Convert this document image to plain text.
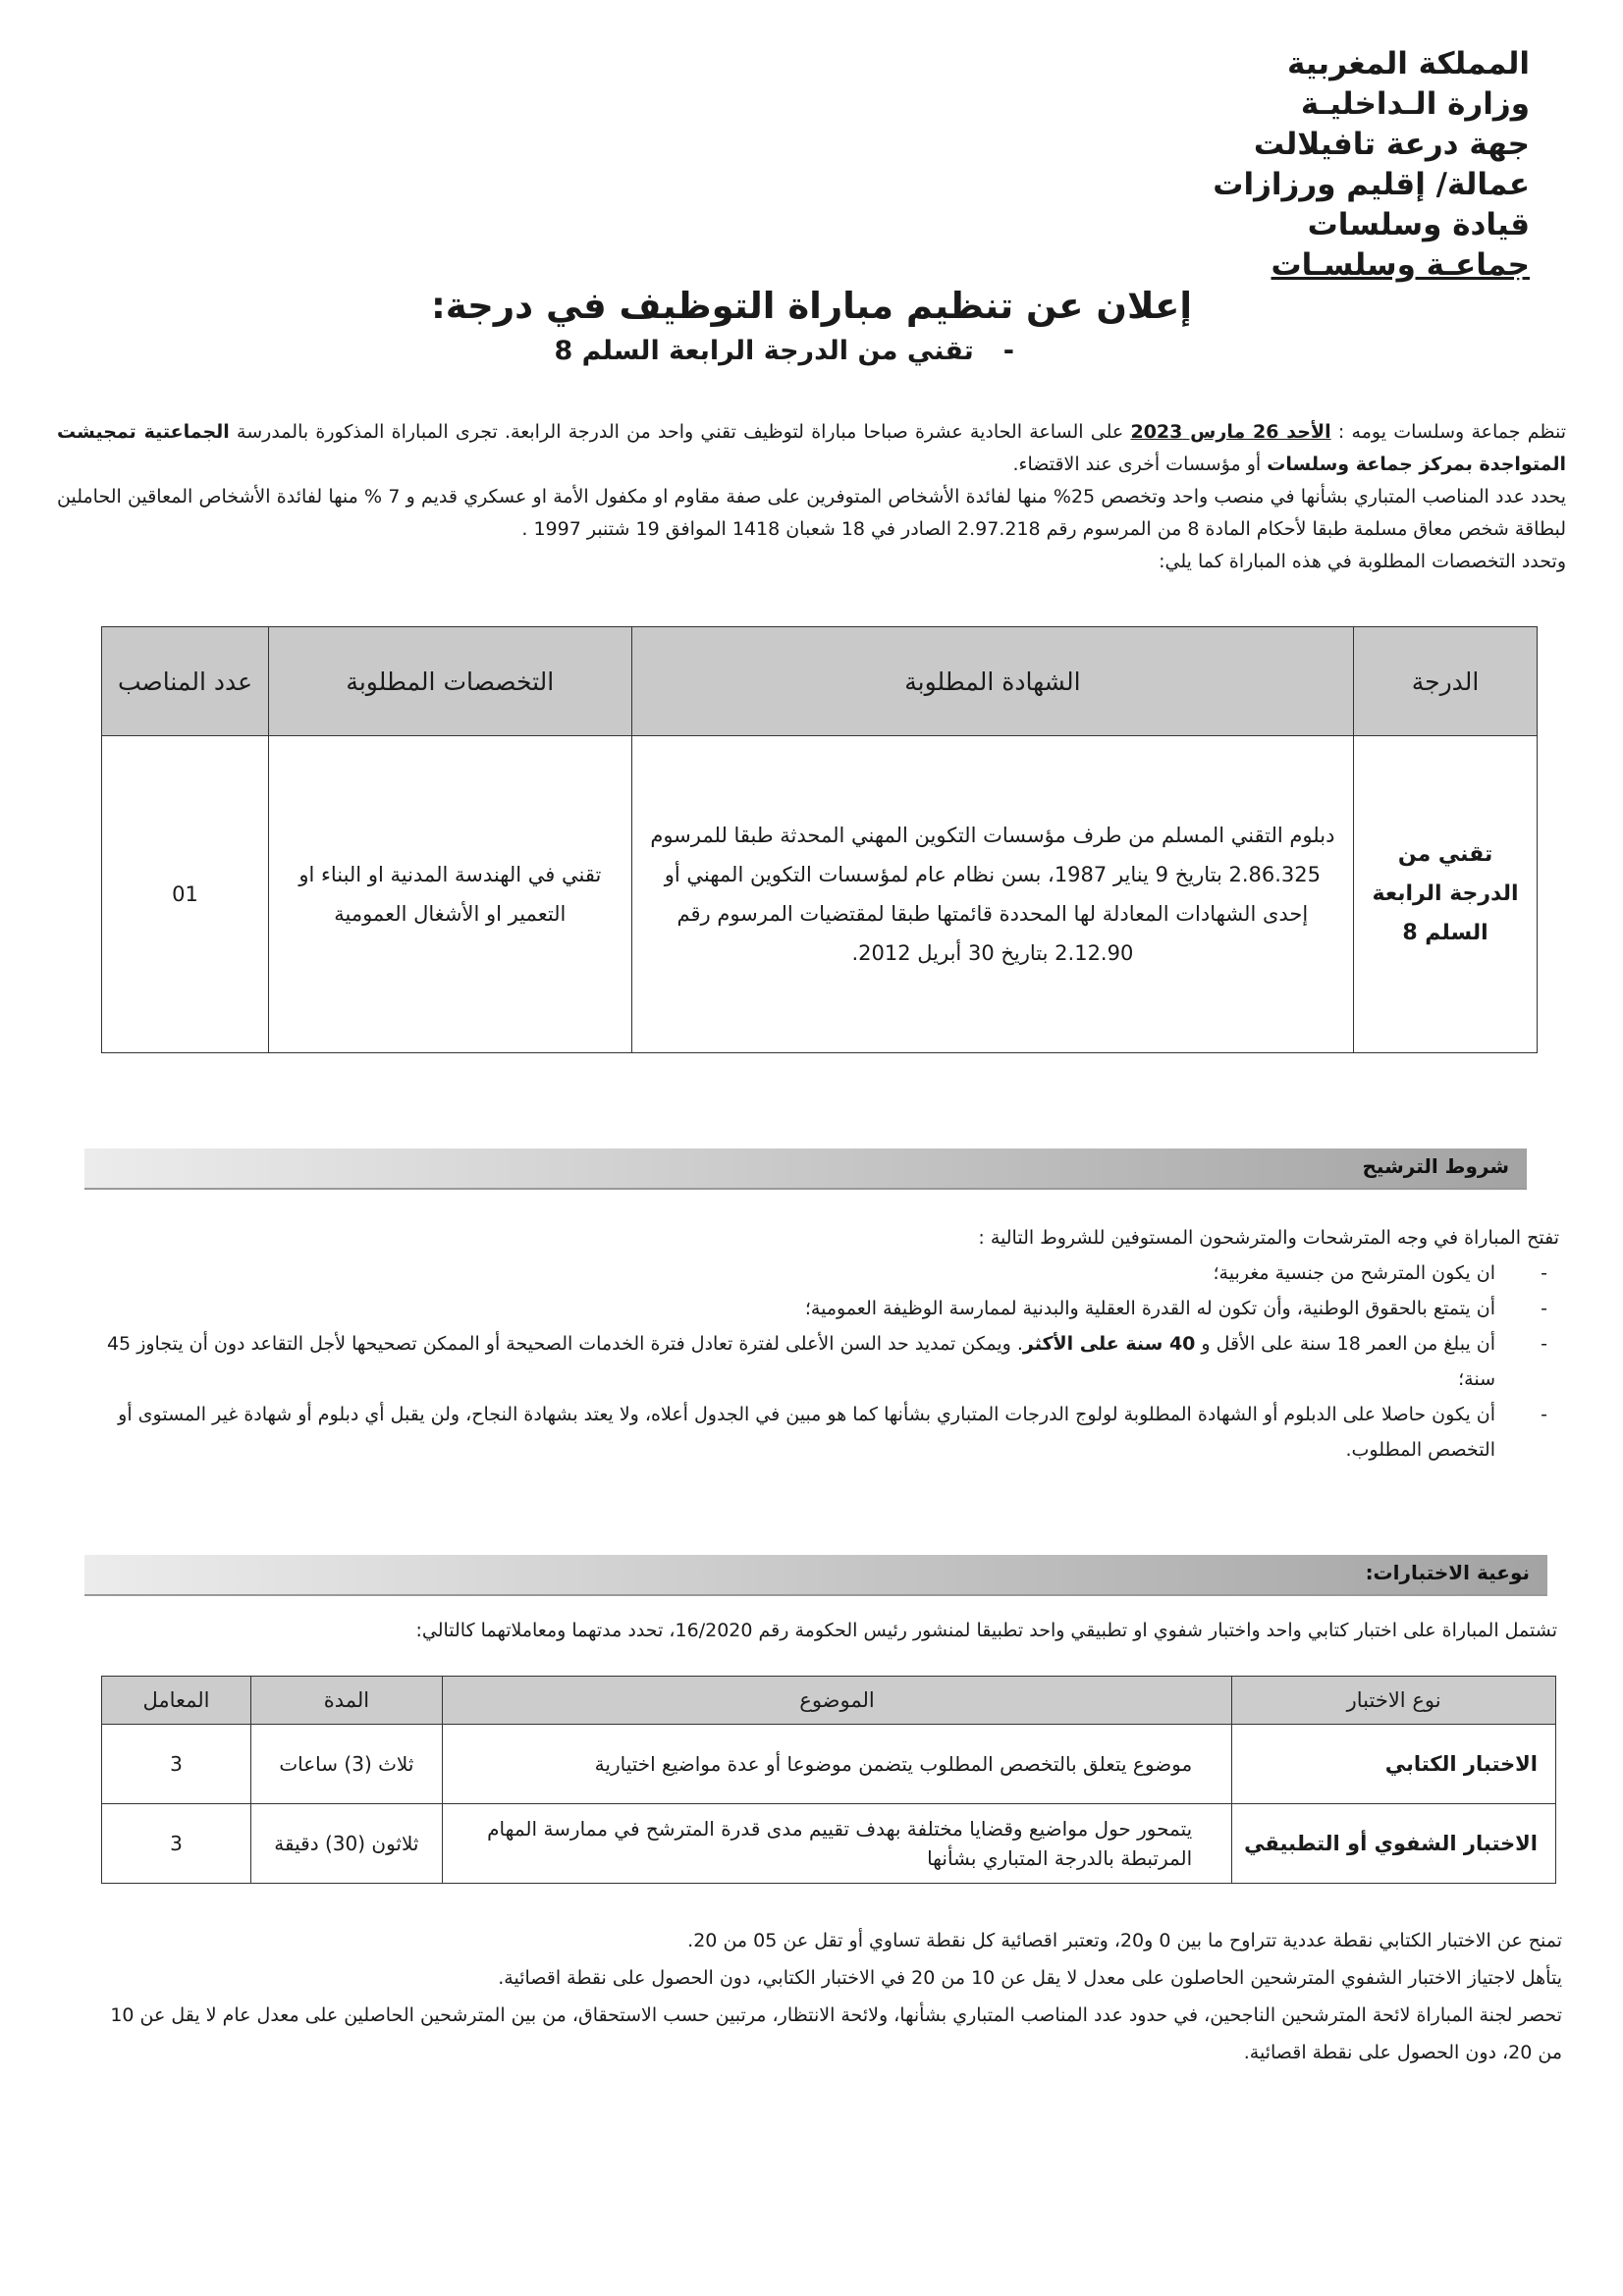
المملكة المغربية
وزارة الـداخليـة
جهة درعة تافيلالت
عمالة/ إقليم ورزازات
قيادة وسلسات
جماعـة وسلسـات
إعلان عن تنظيم مباراة التوظيف في درجة:
-تقني من الدرجة الرابعة السلم 8

تنظم جماعة وسلسات يومه : الأحد 26 مارس 2023 على الساعة الحادية عشرة صباحا مباراة لتوظيف تقني واحد من الدرجة الرابعة. تجرى المباراة المذكورة بالمدرسة الجماعتية تمجيشت المتواجدة بمركز جماعة وسلسات أو مؤسسات أخرى عند الاقتضاء.

يحدد عدد المناصب المتباري بشأنها في منصب واحد وتخصص 25% منها لفائدة الأشخاص المتوفرين على صفة مقاوم او مكفول الأمة او عسكري قديم و 7 % منها لفائدة الأشخاص المعاقين الحاملين لبطاقة شخص معاق مسلمة طبقا لأحكام المادة 8 من المرسوم رقم 2.97.218 الصادر في 18 شعبان 1418 الموافق 19 شتنبر 1997 .

وتحدد التخصصات المطلوبة في هذه المباراة كما يلي:

الدرجة	الشهادة المطلوبة	التخصصات المطلوبة	عدد المناصب
تقني من الدرجة الرابعة السلم 8	دبلوم التقني المسلم من طرف مؤسسات التكوين المهني المحدثة طبقا للمرسوم 2.86.325 بتاريخ 9 يناير 1987، بسن نظام عام لمؤسسات التكوين المهني أو إحدى الشهادات المعادلة لها المحددة قائمتها طبقا لمقتضيات المرسوم رقم 2.12.90 بتاريخ 30 أبريل 2012.	تقني في الهندسة المدنية او البناء او التعمير او الأشغال العمومية	01
شروط الترشيح

تفتح المباراة في وجه المترشحات والمترشحون المستوفين للشروط التالية :

-
ان يكون المترشح من جنسية مغربية؛
-
أن يتمتع بالحقوق الوطنية، وأن تكون له القدرة العقلية والبدنية لممارسة الوظيفة العمومية؛
-
أن يبلغ من العمر 18 سنة على الأقل و 40 سنة على الأكثر. ويمكن تمديد حد السن الأعلى لفترة تعادل فترة الخدمات الصحيحة أو الممكن تصحيحها لأجل التقاعد دون أن يتجاوز 45 سنة؛
-
أن يكون حاصلا على الدبلوم أو الشهادة المطلوبة لولوج الدرجات المتباري بشأنها كما هو مبين في الجدول أعلاه، ولا يعتد بشهادة النجاح، ولن يقبل أي دبلوم أو شهادة غير المستوى أو التخصص المطلوب.
نوعية الاختبارات:
تشتمل المباراة على اختبار كتابي واحد واختبار شفوي او تطبيقي واحد تطبيقا لمنشور رئيس الحكومة رقم 16/2020، تحدد مدتهما ومعاملاتهما كالتالي:
نوع الاختبار	الموضوع	المدة	المعامل
الاختبار الكتابي	موضوع يتعلق بالتخصص المطلوب يتضمن موضوعا أو عدة مواضيع اختيارية	ثلاث (3) ساعات	3
الاختبار الشفوي أو التطبيقي	يتمحور حول مواضيع وقضايا مختلفة بهدف تقييم مدى قدرة المترشح في ممارسة المهام المرتبطة بالدرجة المتباري بشأنها	ثلاثون (30) دقيقة	3

تمنح عن الاختبار الكتابي نقطة عددية تتراوح ما بين 0 و20، وتعتبر اقصائية كل نقطة تساوي أو تقل عن 05 من 20.

يتأهل لاجتياز الاختبار الشفوي المترشحين الحاصلون على معدل لا يقل عن 10 من 20 في الاختبار الكتابي، دون الحصول على نقطة اقصائية.

تحصر لجنة المباراة لائحة المترشحين الناجحين، في حدود عدد المناصب المتباري بشأنها، ولائحة الانتظار، مرتبين حسب الاستحقاق، من بين المترشحين الحاصلين على معدل عام لا يقل عن 10 من 20، دون الحصول على نقطة اقصائية.
